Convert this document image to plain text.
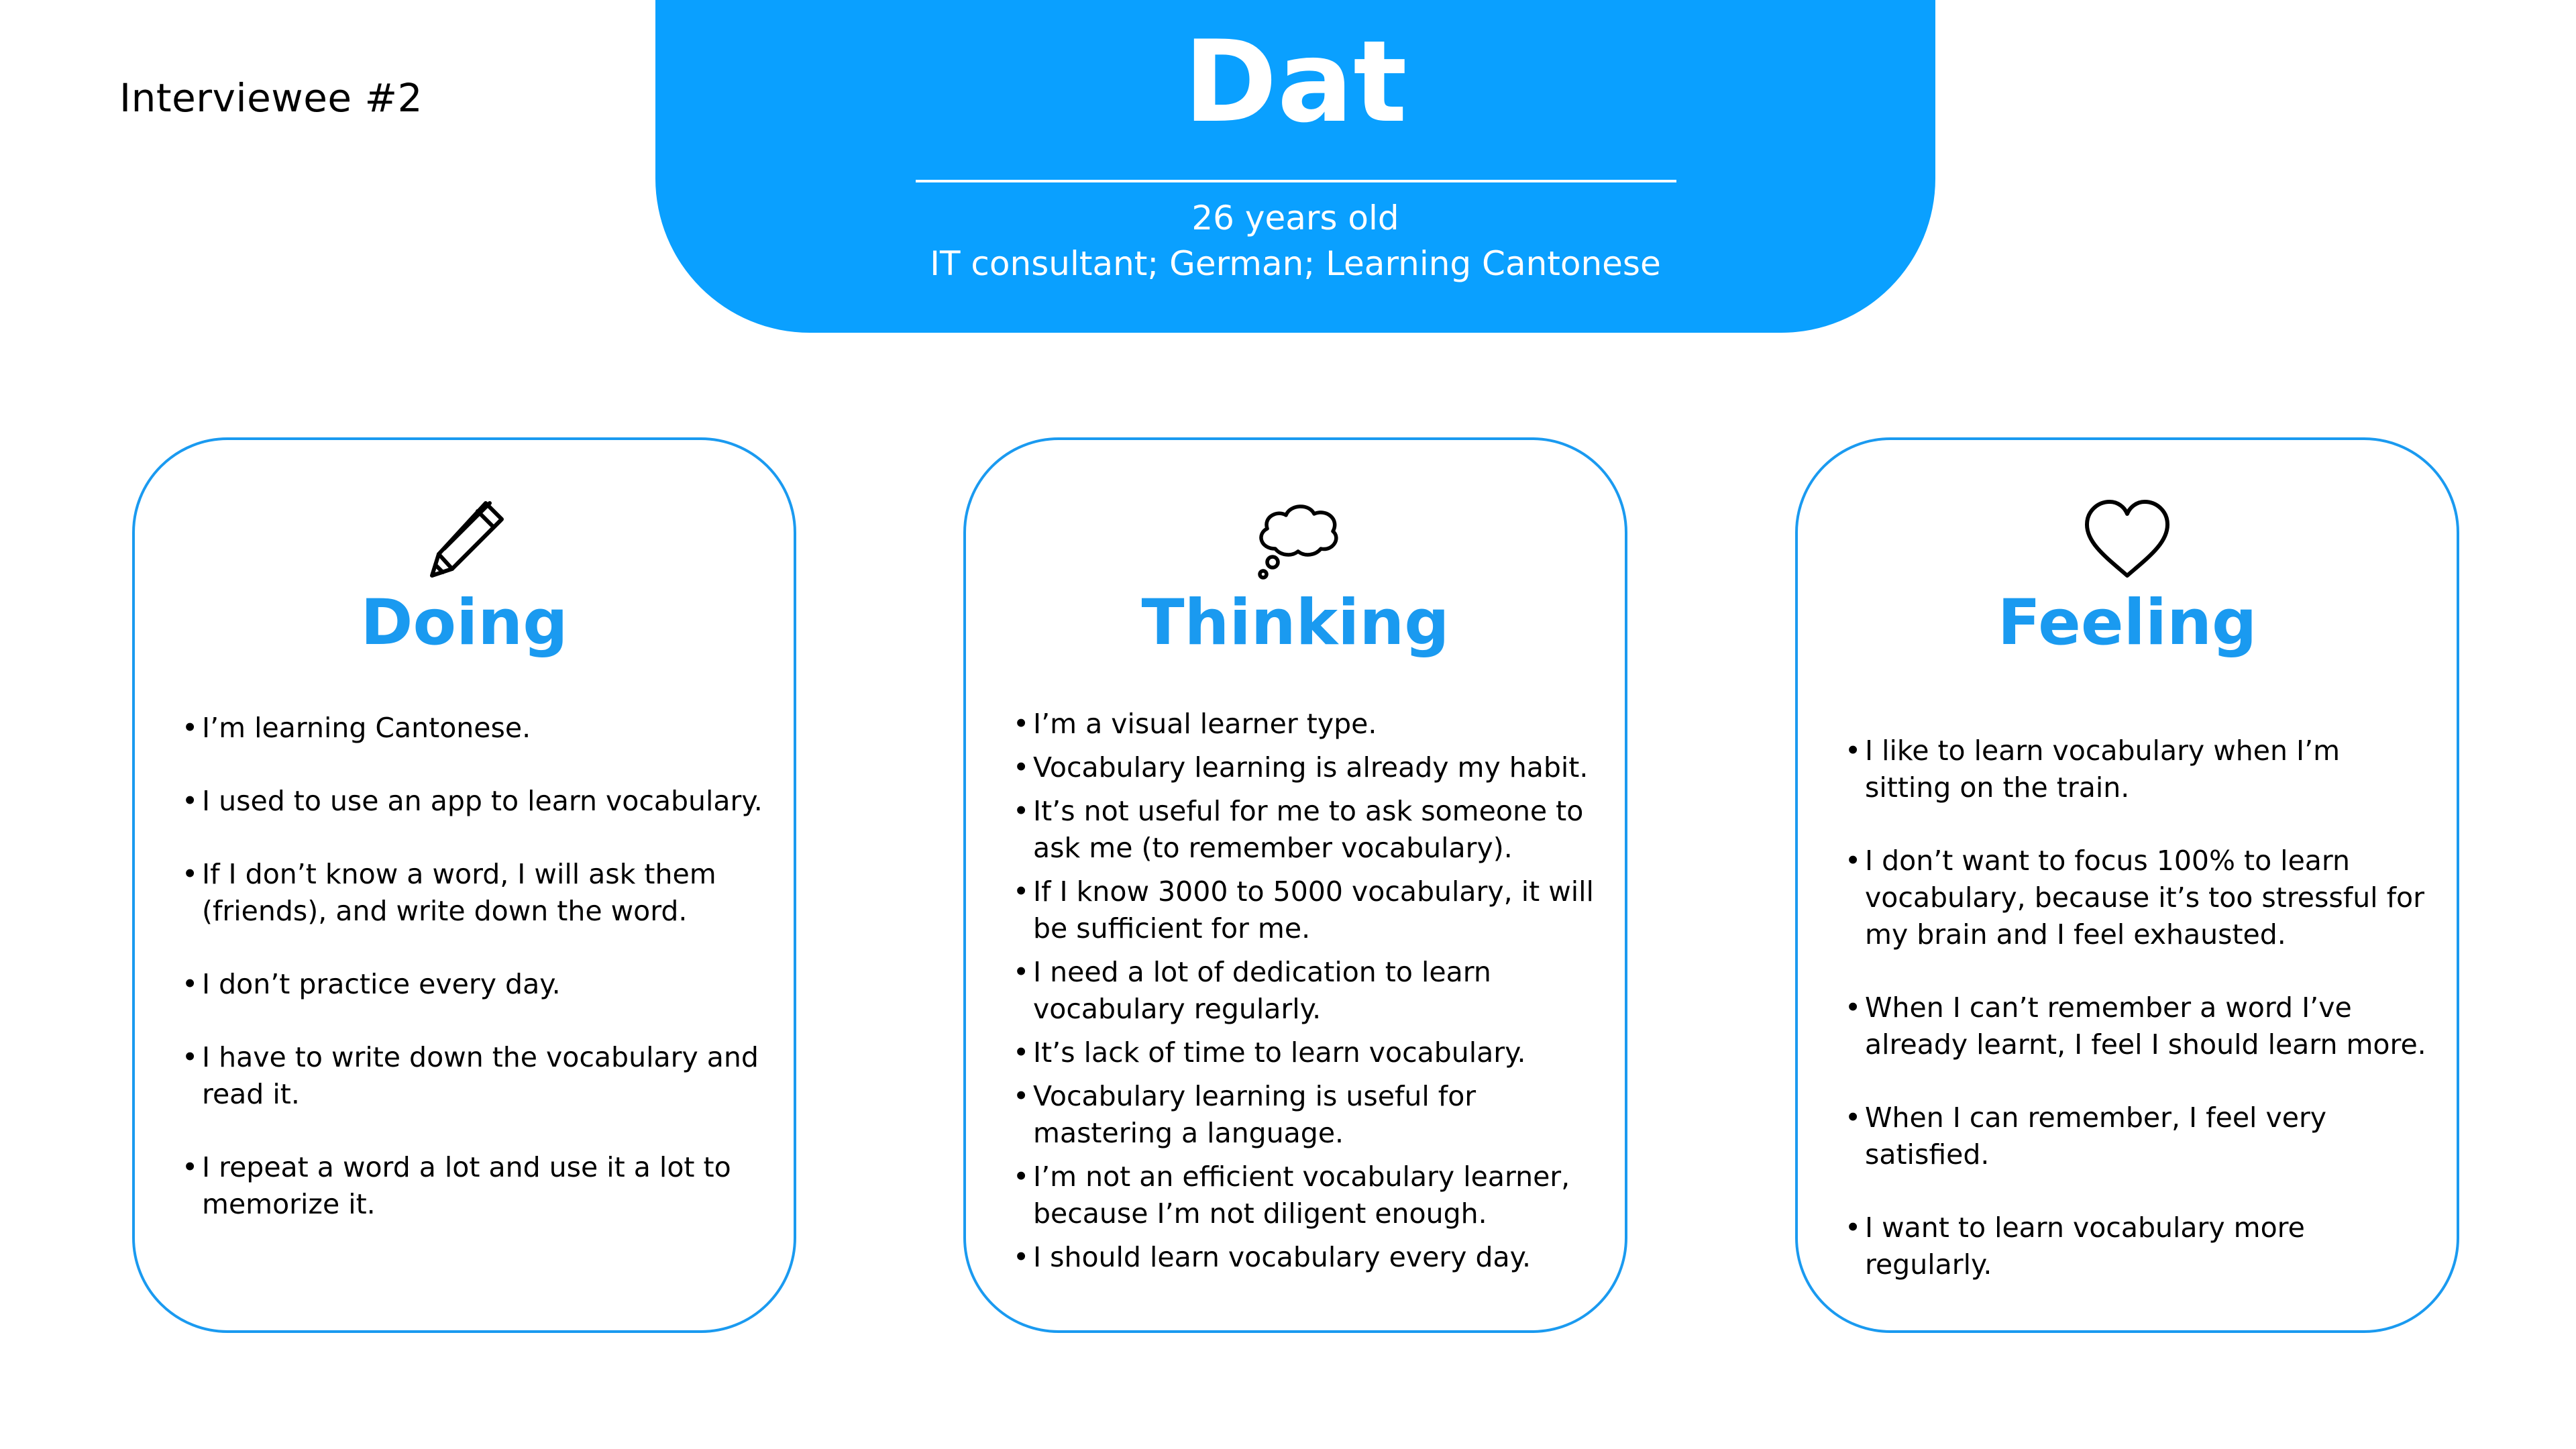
Interviewee #2	Dat
26 years old
IT consultant; German; Learning Cantonese
Doing
• I’m learning Cantonese.
• I used to use an app to learn vocabulary.
• If I don’t know a word, I will ask them (friends), and write down the word.
• I don’t practice every day.
• I have to write down the vocabulary and read it.
• I repeat a word a lot and use it a lot to memorize it.
Thinking
• I’m a visual learner type.
• Vocabulary learning is already my habit.
• It’s not useful for me to ask someone to ask me (to remember vocabulary).
• If I know 3000 to 5000 vocabulary, it will be sufficient for me.
• I need a lot of dedication to learn vocabulary regularly.
• It’s lack of time to learn vocabulary.
• Vocabulary learning is useful for mastering a language.
• I’m not an efficient vocabulary learner, because I’m not diligent enough.
• I should learn vocabulary every day.
Feeling
• I like to learn vocabulary when I’m sitting on the train.
• I don’t want to focus 100% to learn vocabulary, because it’s too stressful for my brain and I feel exhausted.
• When I can’t remember a word I’ve already learnt, I feel I should learn more.
• When I can remember, I feel very satisfied.
• I want to learn vocabulary more regularly.
